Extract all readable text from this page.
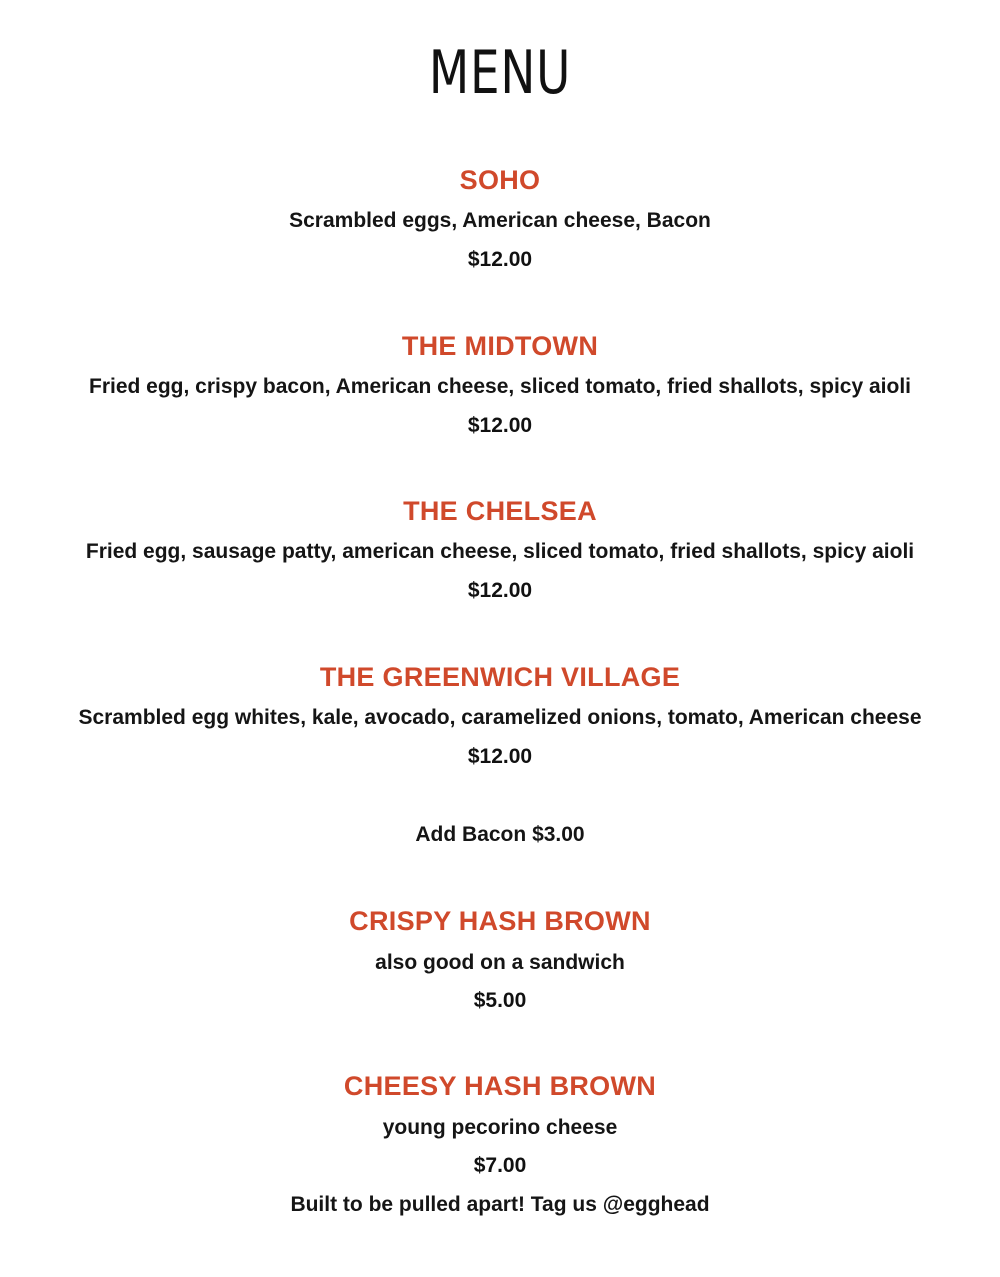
MENU
SOHO
Scrambled eggs, American cheese, Bacon
$12.00
THE MIDTOWN
Fried egg, crispy bacon, American cheese, sliced tomato, fried shallots, spicy aioli
$12.00
THE CHELSEA
Fried egg, sausage patty, american cheese, sliced tomato, fried shallots, spicy aioli
$12.00
THE GREENWICH VILLAGE
Scrambled egg whites, kale, avocado, caramelized onions, tomato, American cheese
$12.00
Add Bacon $3.00
CRISPY HASH BROWN
also good on a sandwich
$5.00
CHEESY HASH BROWN
young pecorino cheese
$7.00
Built to be pulled apart! Tag us @egghead
